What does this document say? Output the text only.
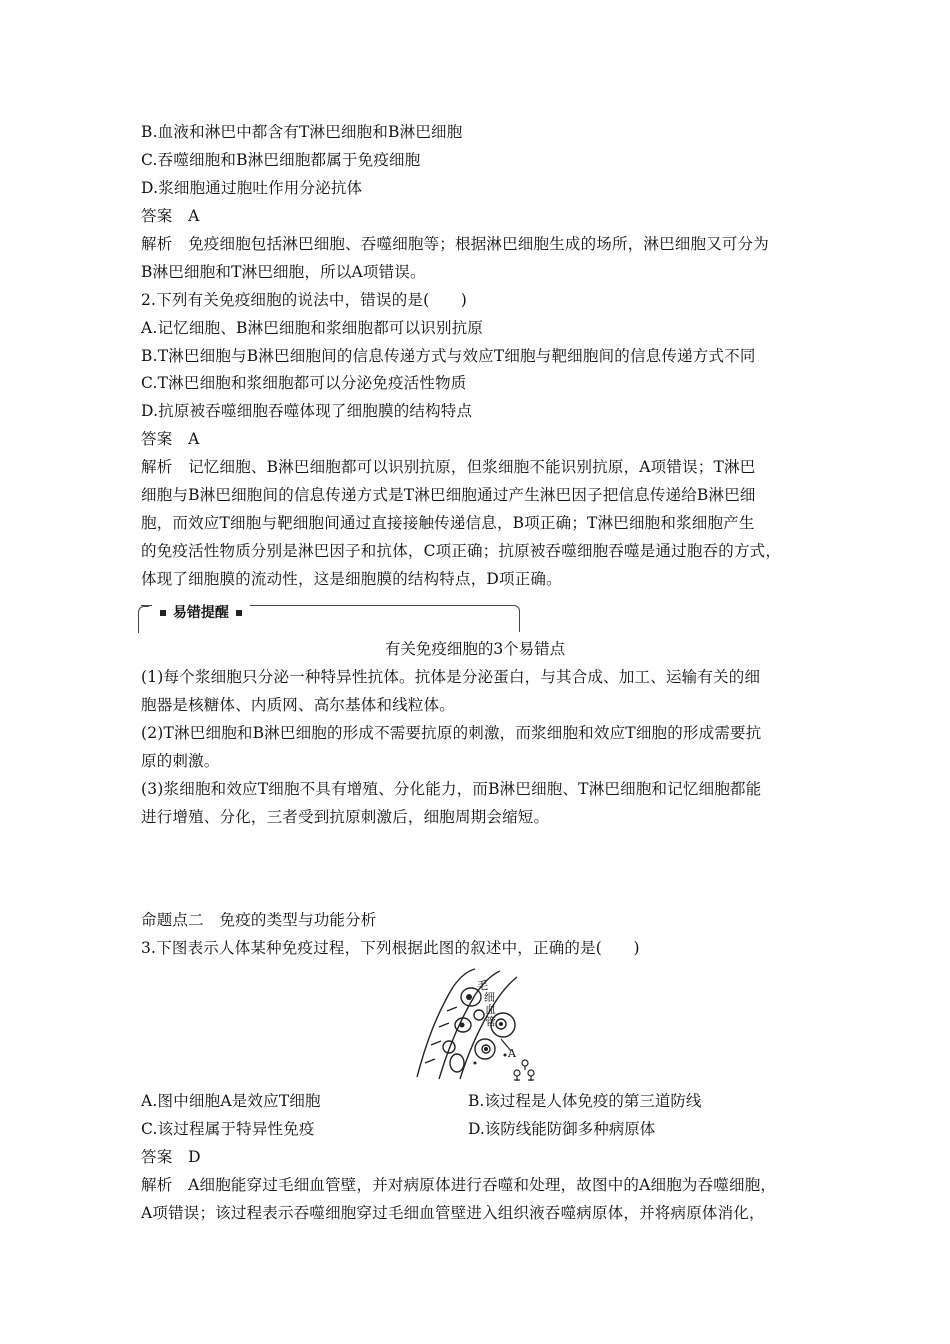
B.血液和淋巴中都含有T淋巴细胞和B淋巴细胞
C.吞噬细胞和B淋巴细胞都属于免疫细胞
D.浆细胞通过胞吐作用分泌抗体
答案　A
解析　免疫细胞包括淋巴细胞、吞噬细胞等；根据淋巴细胞生成的场所，淋巴细胞又可分为
B淋巴细胞和T淋巴细胞，所以A项错误。
2.下列有关免疫细胞的说法中，错误的是(　　)
A.记忆细胞、B淋巴细胞和浆细胞都可以识别抗原
B.T淋巴细胞与B淋巴细胞间的信息传递方式与效应T细胞与靶细胞间的信息传递方式不同
C.T淋巴细胞和浆细胞都可以分泌免疫活性物质
D.抗原被吞噬细胞吞噬体现了细胞膜的结构特点
答案　A
解析　记忆细胞、B淋巴细胞都可以识别抗原，但浆细胞不能识别抗原，A项错误；T淋巴
细胞与B淋巴细胞间的信息传递方式是T淋巴细胞通过产生淋巴因子把信息传递给B淋巴细
胞，而效应T细胞与靶细胞间通过直接接触传递信息，B项正确；T淋巴细胞和浆细胞产生
的免疫活性物质分别是淋巴因子和抗体，C项正确；抗原被吞噬细胞吞噬是通过胞吞的方式，
体现了细胞膜的流动性，这是细胞膜的结构特点，D项正确。
易错提醒
有关免疫细胞的3个易错点
(1)每个浆细胞只分泌一种特异性抗体。抗体是分泌蛋白，与其合成、加工、运输有关的细
胞器是核糖体、内质网、高尔基体和线粒体。
(2)T淋巴细胞和B淋巴细胞的形成不需要抗原的刺激，而浆细胞和效应T细胞的形成需要抗
原的刺激。
(3)浆细胞和效应T细胞不具有增殖、分化能力，而B淋巴细胞、T淋巴细胞和记忆细胞都能
进行增殖、分化，三者受到抗原刺激后，细胞周期会缩短。
命题点二　免疫的类型与功能分析
3.下图表示人体某种免疫过程，下列根据此图的叙述中，正确的是(　　)
毛
细
血
管
A
A.图中细胞A是效应T细胞	B.该过程是人体免疫的第三道防线
C.该过程属于特异性免疫	D.该防线能防御多种病原体
答案　D
解析　A细胞能穿过毛细血管壁，并对病原体进行吞噬和处理，故图中的A细胞为吞噬细胞，
A项错误；该过程表示吞噬细胞穿过毛细血管壁进入组织液吞噬病原体，并将病原体消化，
